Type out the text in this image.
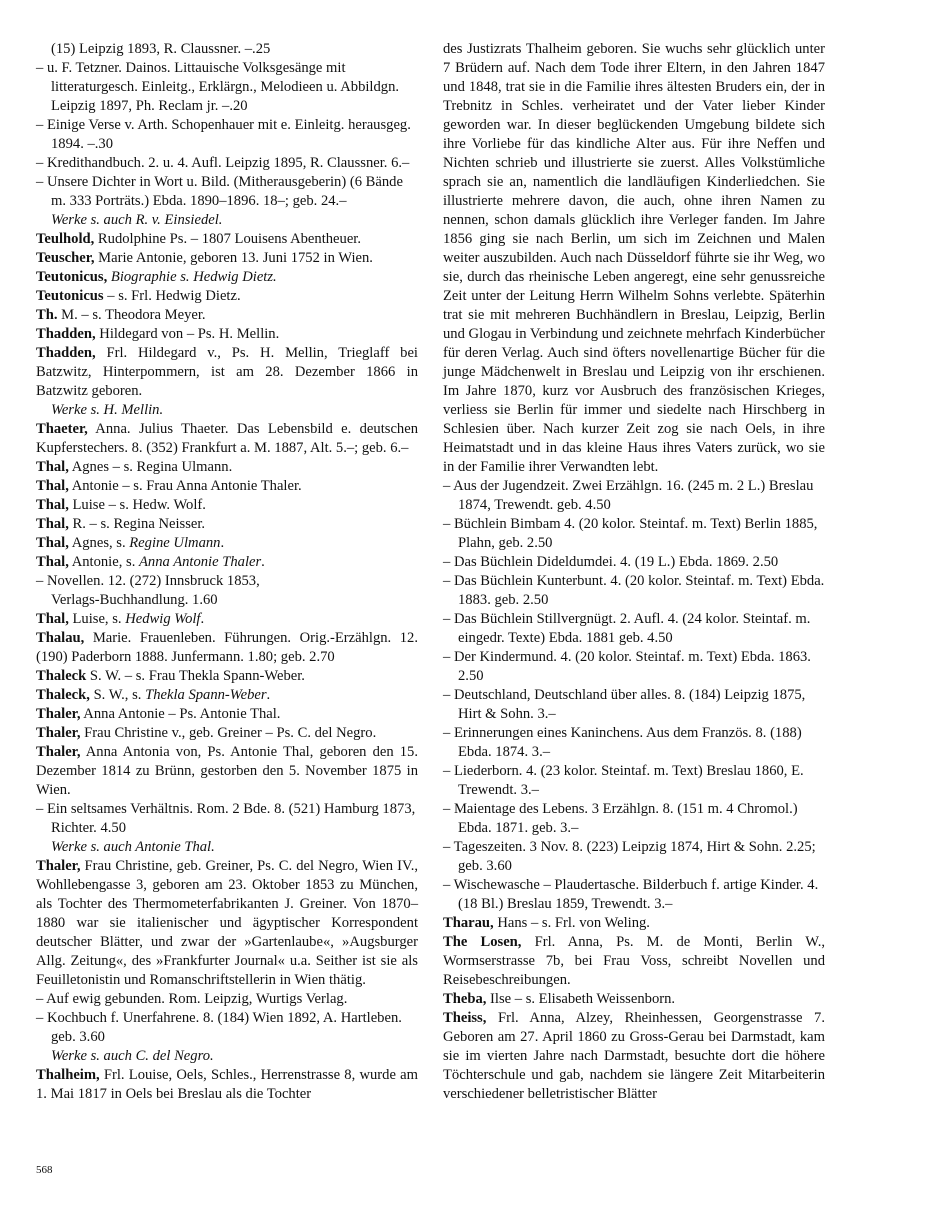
(15) Leipzig 1893, R. Claussner. –.25

– u. F. Tetzner. Dainos. Littauische Volksgesänge mit litteraturgesch. Einleitg., Erklärgn., Melodieen u. Abbildgn. Leipzig 1897, Ph. Reclam jr. –.20

– Einige Verse v. Arth. Schopenhauer mit e. Einleitg. herausgeg. 1894. –.30

– Kredithandbuch. 2. u. 4. Aufl. Leipzig 1895, R. Claussner. 6.–

– Unsere Dichter in Wort u. Bild. (Mitherausgeberin) (6 Bände m. 333 Porträts.) Ebda. 1890–1896. 18–; geb. 24.–

Werke s. auch R. v. Einsiedel.

Teulhold, Rudolphine Ps. – 1807 Louisens Abentheuer.

Teuscher, Marie Antonie, geboren 13. Juni 1752 in Wien.

Teutonicus, Biographie s. Hedwig Dietz.

Teutonicus – s. Frl. Hedwig Dietz.

Th. M. – s. Theodora Meyer.

Thadden, Hildegard von – Ps. H. Mellin.

Thadden, Frl. Hildegard v., Ps. H. Mellin, Trieglaff bei Batzwitz, Hinterpommern, ist am 28. Dezember 1866 in Batzwitz geboren.

Werke s. H. Mellin.

Thaeter, Anna. Julius Thaeter. Das Lebensbild e. deutschen Kupferstechers. 8. (352) Frankfurt a. M. 1887, Alt. 5.–; geb. 6.–

Thal, Agnes – s. Regina Ulmann.

Thal, Antonie – s. Frau Anna Antonie Thaler.

Thal, Luise – s. Hedw. Wolf.

Thal, R. – s. Regina Neisser.

Thal, Agnes, s. Regine Ulmann.

Thal, Antonie, s. Anna Antonie Thaler.

– Novellen. 12. (272) Innsbruck 1853,

Verlags-Buchhandlung. 1.60

Thal, Luise, s. Hedwig Wolf.

Thalau, Marie. Frauenleben. Führungen. Orig.-Erzählgn. 12. (190) Paderborn 1888. Junfermann. 1.80; geb. 2.70

Thaleck S. W. – s. Frau Thekla Spann-Weber.

Thaleck, S. W., s. Thekla Spann-Weber.

Thaler, Anna Antonie – Ps. Antonie Thal.

Thaler, Frau Christine v., geb. Greiner – Ps. C. del Negro.

Thaler, Anna Antonia von, Ps. Antonie Thal, geboren den 15. Dezember 1814 zu Brünn, gestorben den 5. November 1875 in Wien.

– Ein seltsames Verhältnis. Rom. 2 Bde. 8. (521) Hamburg 1873, Richter. 4.50

Werke s. auch Antonie Thal.

Thaler, Frau Christine, geb. Greiner, Ps. C. del Negro, Wien IV., Wohllebengasse 3, geboren am 23. Oktober 1853 zu München, als Tochter des Thermometerfabrikanten J. Greiner. Von 1870–1880 war sie italienischer und ägyptischer Korrespondent deutscher Blätter, und zwar der »Gartenlaube«, »Augsburger Allg. Zeitung«, des »Frankfurter Journal« u.a. Seither ist sie als Feuilletonistin und Romanschriftstellerin in Wien thätig.

– Auf ewig gebunden. Rom. Leipzig, Wurtigs Verlag.

– Kochbuch f. Unerfahrene. 8. (184) Wien 1892, A. Hartleben. geb. 3.60

Werke s. auch C. del Negro.

Thalheim, Frl. Louise, Oels, Schles., Herrenstrasse 8, wurde am 1. Mai 1817 in Oels bei Breslau als die Tochter

des Justizrats Thalheim geboren. Sie wuchs sehr glücklich unter 7 Brüdern auf. Nach dem Tode ihrer Eltern, in den Jahren 1847 und 1848, trat sie in die Familie ihres ältesten Bruders ein, der in Trebnitz in Schles. verheiratet und der Vater lieber Kinder geworden war. In dieser beglückenden Umgebung bildete sich ihre Vorliebe für das kindliche Alter aus. Für ihre Neffen und Nichten schrieb und illustrierte sie zuerst. Alles Volkstümliche sprach sie an, namentlich die landläufigen Kinderliedchen. Sie illustrierte mehrere davon, die auch, ohne ihren Namen zu nennen, schon damals glücklich ihre Verleger fanden. Im Jahre 1856 ging sie nach Berlin, um sich im Zeichnen und Malen weiter auszubilden. Auch nach Düsseldorf führte sie ihr Weg, wo sie, durch das rheinische Leben angeregt, eine sehr genussreiche Zeit unter der Leitung Herrn Wilhelm Sohns verlebte. Späterhin trat sie mit mehreren Buchhändlern in Breslau, Leipzig, Berlin und Glogau in Verbindung und zeichnete mehrfach Kinderbücher für deren Verlag. Auch sind öfters novellenartige Bücher für die junge Mädchenwelt in Breslau und Leipzig von ihr erschienen. Im Jahre 1870, kurz vor Ausbruch des französischen Krieges, verliess sie Berlin für immer und siedelte nach Hirschberg in Schlesien über. Nach kurzer Zeit zog sie nach Oels, in ihre Heimatstadt und in das kleine Haus ihres Vaters zurück, wo sie in der Familie ihrer Verwandten lebt.

– Aus der Jugendzeit. Zwei Erzählgn. 16. (245 m. 2 L.) Breslau 1874, Trewendt. geb. 4.50

– Büchlein Bimbam 4. (20 kolor. Steintaf. m. Text) Berlin 1885, Plahn, geb. 2.50

– Das Büchlein Dideldumdei. 4. (19 L.) Ebda. 1869. 2.50

– Das Büchlein Kunterbunt. 4. (20 kolor. Steintaf. m. Text) Ebda. 1883. geb. 2.50

– Das Büchlein Stillvergnügt. 2. Aufl. 4. (24 kolor. Steintaf. m. eingedr. Texte) Ebda. 1881 geb. 4.50

– Der Kindermund. 4. (20 kolor. Steintaf. m. Text) Ebda. 1863. 2.50

– Deutschland, Deutschland über alles. 8. (184) Leipzig 1875, Hirt & Sohn. 3.–

– Erinnerungen eines Kaninchens. Aus dem Französ. 8. (188) Ebda. 1874. 3.–

– Liederborn. 4. (23 kolor. Steintaf. m. Text) Breslau 1860, E. Trewendt. 3.–

– Maientage des Lebens. 3 Erzählgn. 8. (151 m. 4 Chromol.) Ebda. 1871. geb. 3.–

– Tageszeiten. 3 Nov. 8. (223) Leipzig 1874, Hirt & Sohn. 2.25; geb. 3.60

– Wischewasche – Plaudertasche. Bilderbuch f. artige Kinder. 4. (18 Bl.) Breslau 1859, Trewendt. 3.–

Tharau, Hans – s. Frl. von Weling.

The Losen, Frl. Anna, Ps. M. de Monti, Berlin W., Wormserstrasse 7b, bei Frau Voss, schreibt Novellen und Reisebeschreibungen.

Theba, Ilse – s. Elisabeth Weissenborn.

Theiss, Frl. Anna, Alzey, Rheinhessen, Georgenstrasse 7. Geboren am 27. April 1860 zu Gross-Gerau bei Darmstadt, kam sie im vierten Jahre nach Darmstadt, besuchte dort die höhere Töchterschule und gab, nachdem sie längere Zeit Mitarbeiterin verschiedener belletristischer Blätter

568
